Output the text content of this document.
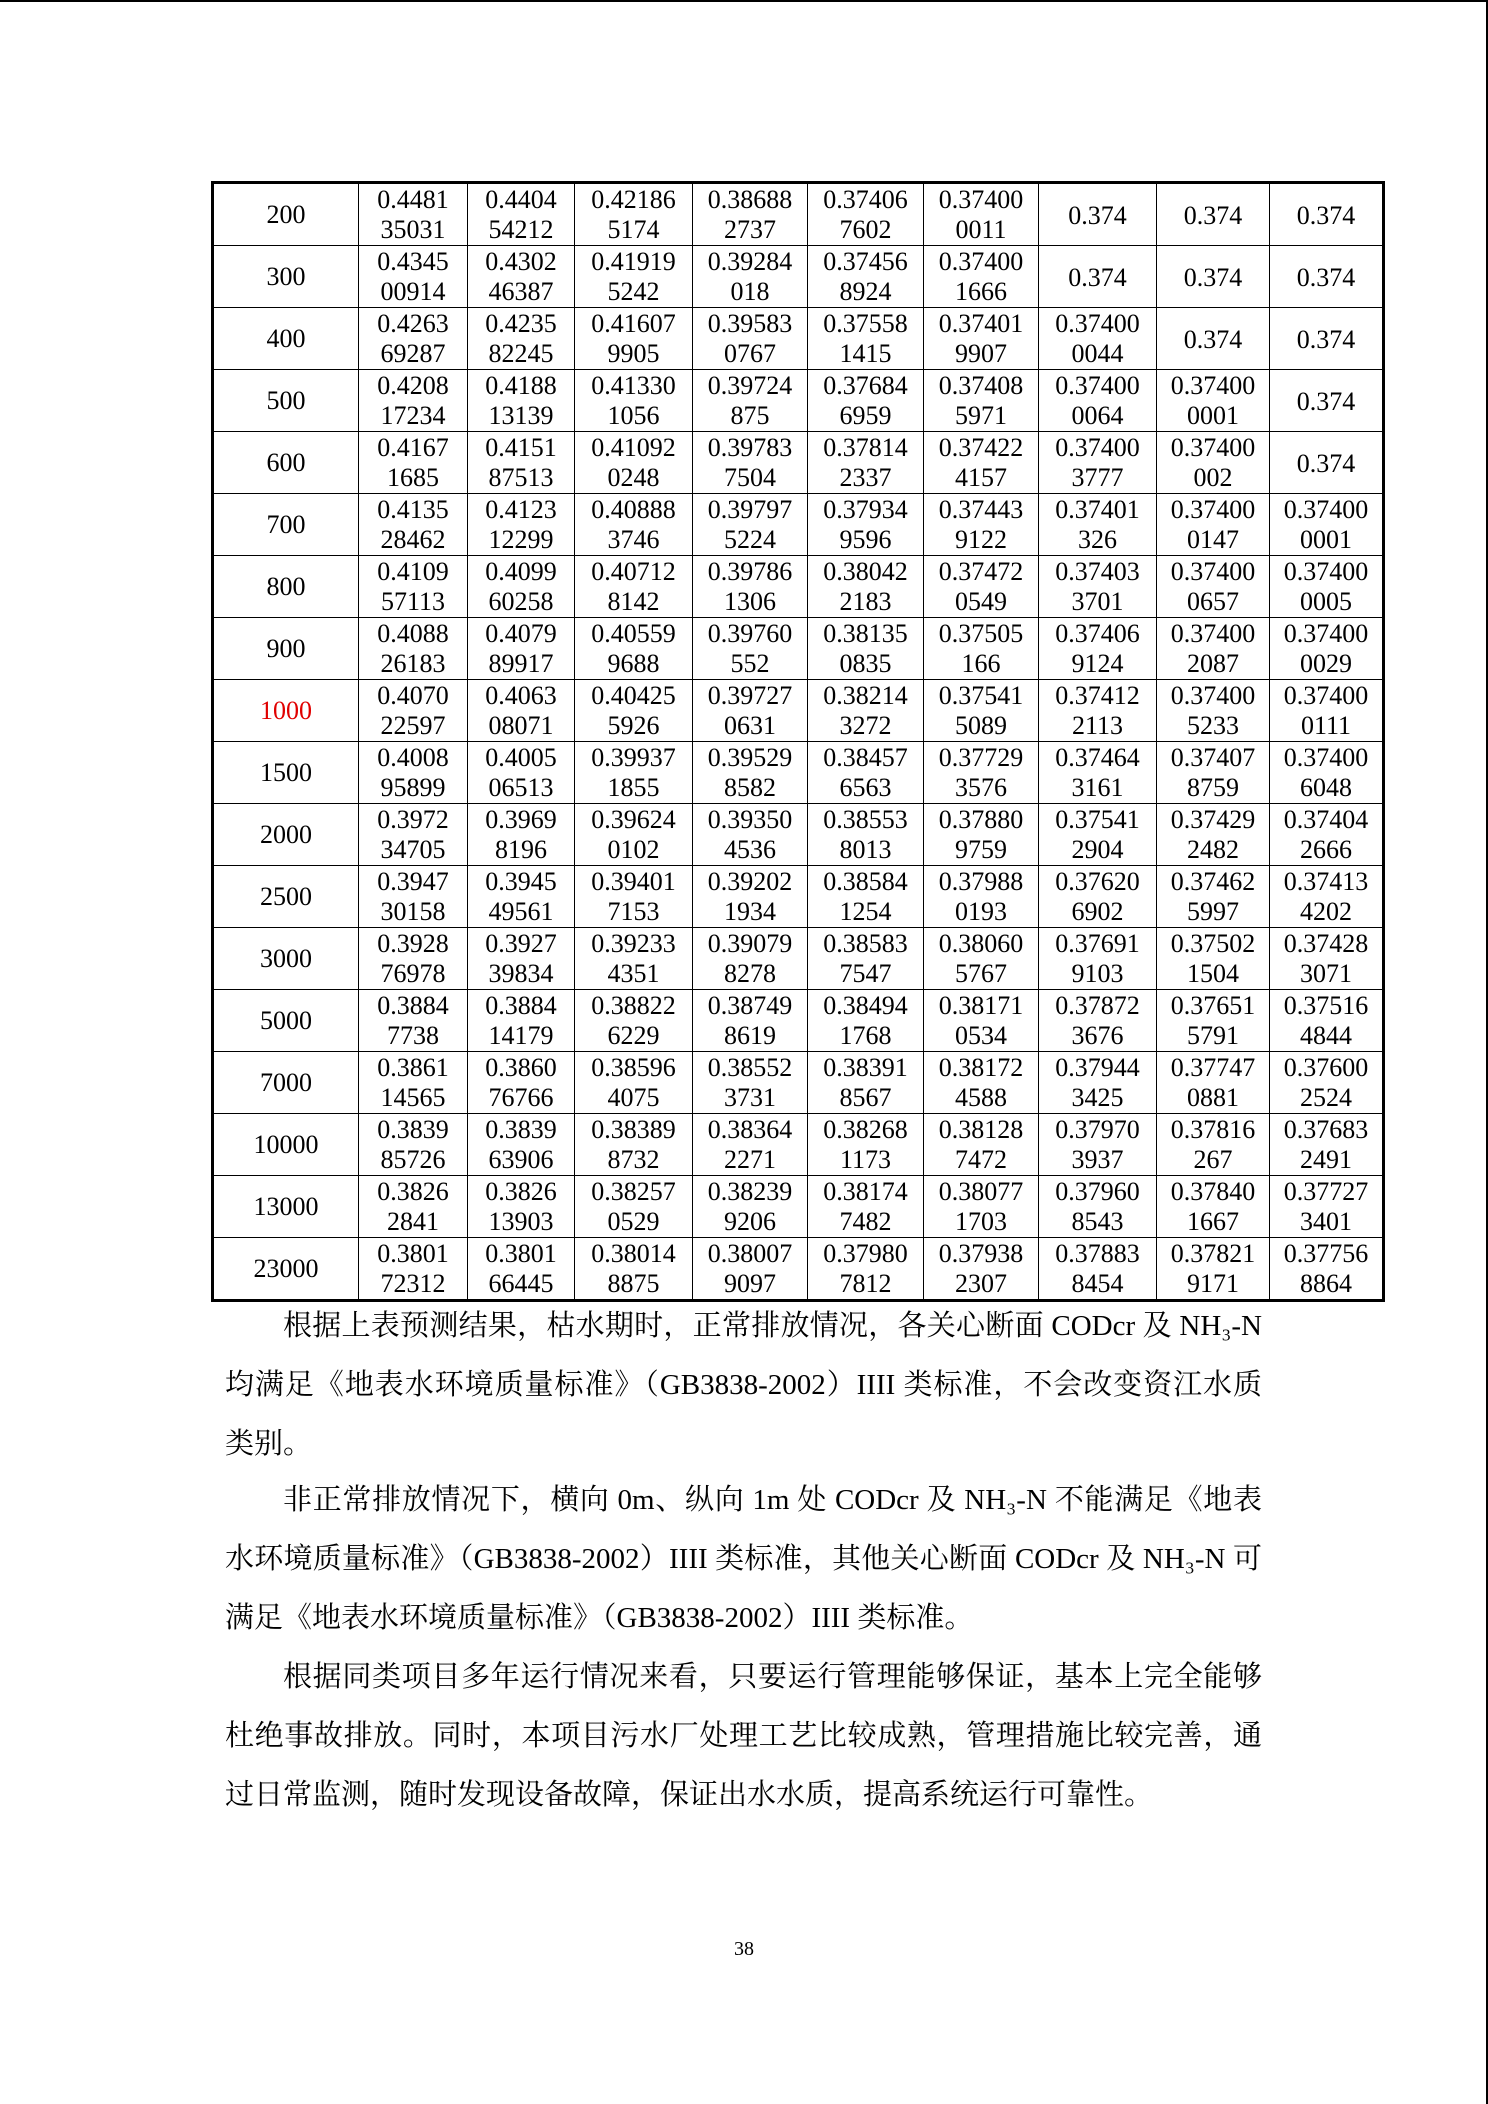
200	0.448135031	0.440454212	0.421865174	0.386882737	0.374067602	0.374000011	0.374	0.374	0.374
300	0.434500914	0.430246387	0.419195242	0.39284018	0.374568924	0.374001666	0.374	0.374	0.374
400	0.426369287	0.423582245	0.416079905	0.395830767	0.375581415	0.374019907	0.374000044	0.374	0.374
500	0.420817234	0.418813139	0.413301056	0.39724875	0.376846959	0.374085971	0.374000064	0.374000001	0.374
600	0.41671685	0.415187513	0.410920248	0.397837504	0.378142337	0.374224157	0.374003777	0.37400002	0.374
700	0.413528462	0.412312299	0.408883746	0.397975224	0.379349596	0.374439122	0.37401326	0.374000147	0.374000001
800	0.410957113	0.409960258	0.407128142	0.397861306	0.380422183	0.374720549	0.374033701	0.374000657	0.374000005
900	0.408826183	0.407989917	0.405599688	0.39760552	0.381350835	0.37505166	0.374069124	0.374002087	0.374000029
1000	0.407022597	0.406308071	0.404255926	0.397270631	0.382143272	0.375415089	0.374122113	0.374005233	0.374000111
1500	0.400895899	0.400506513	0.399371855	0.395298582	0.384576563	0.377293576	0.374643161	0.374078759	0.374006048
2000	0.397234705	0.39698196	0.396240102	0.393504536	0.385538013	0.378809759	0.375412904	0.374292482	0.374042666
2500	0.394730158	0.394549561	0.394017153	0.392021934	0.385841254	0.379880193	0.376206902	0.374625997	0.374134202
3000	0.392876978	0.392739834	0.392334351	0.390798278	0.385837547	0.380605767	0.376919103	0.375021504	0.374283071
5000	0.38847738	0.388414179	0.388226229	0.387498619	0.384941768	0.381710534	0.378723676	0.376515791	0.375164844
7000	0.386114565	0.386076766	0.385964075	0.385523731	0.383918567	0.381724588	0.379443425	0.377470881	0.376002524
10000	0.383985726	0.383963906	0.383898732	0.383642271	0.382681173	0.381287472	0.379703937	0.37816267	0.376832491
13000	0.38262841	0.382613903	0.382570529	0.382399206	0.381747482	0.380771703	0.379608543	0.378401667	0.377273401
23000	0.380172312	0.380166445	0.380148875	0.380079097	0.379807812	0.379382307	0.378838454	0.378219171	0.377568864

根据上表预测结果，枯水期时，正常排放情况，各关心断面 CODcr 及 NH₃-N 均满足《地表水环境质量标准》（GB3838-2002）IIII 类标准，不会改变资江水质类别。

非正常排放情况下，横向 0m、纵向 1m 处 CODcr 及 NH₃-N 不能满足《地表水环境质量标准》（GB3838-2002）IIII 类标准，其他关心断面 CODcr 及 NH₃-N 可满足《地表水环境质量标准》（GB3838-2002）IIII 类标准。

根据同类项目多年运行情况来看，只要运行管理能够保证，基本上完全能够杜绝事故排放。同时，本项目污水厂处理工艺比较成熟，管理措施比较完善，通过日常监测，随时发现设备故障，保证出水水质，提高系统运行可靠性。

38
